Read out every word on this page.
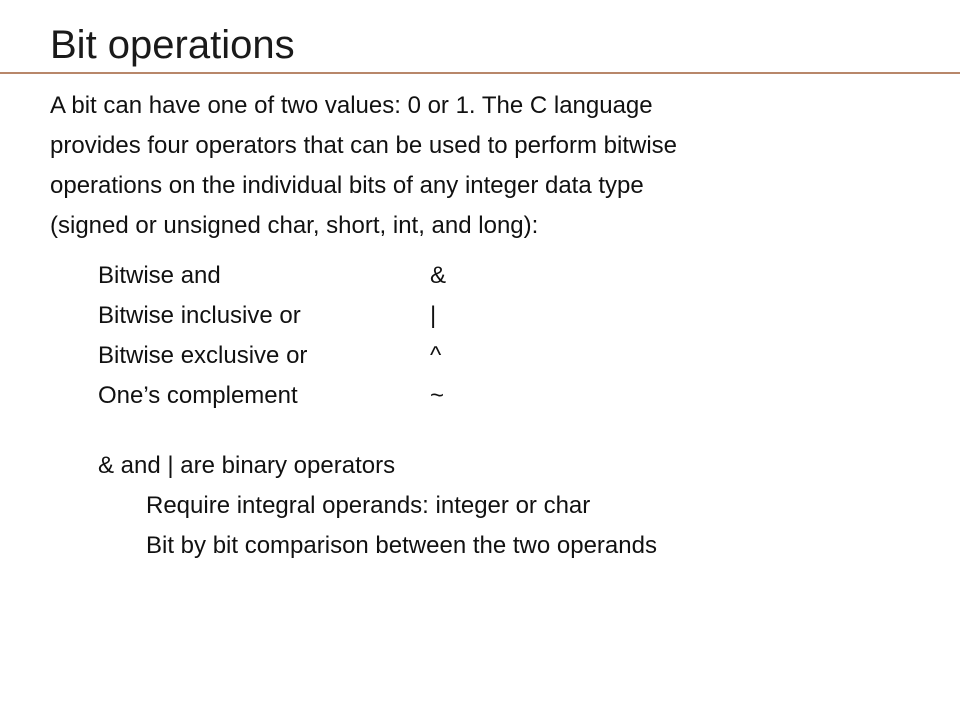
Bit operations

A bit can have one of two values: 0 or 1. The C language
provides four operators that can be used to perform bitwise
operations on the individual bits of any integer data type
(signed or unsigned char, short, int, and long):

Bitwise and	&
Bitwise inclusive or	|
Bitwise exclusive or	^
One’s complement	~
& and | are binary operators
Require integral operands: integer or char
Bit by bit comparison between the two operands
